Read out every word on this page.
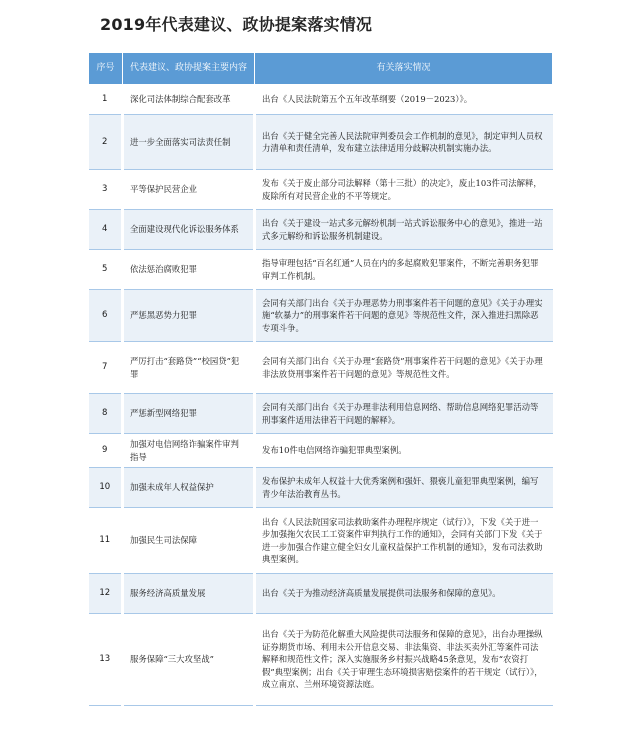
2019年代表建议、政协提案落实情况
序号	代表建议、政协提案主要内容	有关落实情况
1	深化司法体制综合配套改革	出台《人民法院第五个五年改革纲要（2019－2023）》。
2	进一步全面落实司法责任制	出台《关于健全完善人民法院审判委员会工作机制的意见》，制定审判人员权力清单和责任清单，发布建立法律适用分歧解决机制实施办法。
3	平等保护民营企业	发布《关于废止部分司法解释（第十三批）的决定》，废止103件司法解释，废除所有对民营企业的不平等规定。
4	全面建设现代化诉讼服务体系	出台《关于建设一站式多元解纷机制一站式诉讼服务中心的意见》，推进一站式多元解纷和诉讼服务机制建设。
5	依法惩治腐败犯罪	指导审理包括“百名红通”人员在内的多起腐败犯罪案件，不断完善职务犯罪审判工作机制。
6	严惩黑恶势力犯罪	会同有关部门出台《关于办理恶势力刑事案件若干问题的意见》《关于办理实施“软暴力”的刑事案件若干问题的意见》等规范性文件，深入推进扫黑除恶专项斗争。
7	严厉打击“套路贷”“校园贷”犯罪	会同有关部门出台《关于办理“套路贷”刑事案件若干问题的意见》《关于办理非法放贷刑事案件若干问题的意见》等规范性文件。
8	严惩新型网络犯罪	会同有关部门出台《关于办理非法利用信息网络、帮助信息网络犯罪活动等刑事案件适用法律若干问题的解释》。
9	加强对电信网络诈骗案件审判指导	发布10件电信网络诈骗犯罪典型案例。
10	加强未成年人权益保护	发布保护未成年人权益十大优秀案例和强奸、猥亵儿童犯罪典型案例，编写青少年法治教育丛书。
11	加强民生司法保障	出台《人民法院国家司法救助案件办理程序规定（试行）》，下发《关于进一步加强拖欠农民工工资案件审判执行工作的通知》，会同有关部门下发《关于进一步加强合作建立健全妇女儿童权益保护工作机制的通知》，发布司法救助典型案例。
12	服务经济高质量发展	出台《关于为推动经济高质量发展提供司法服务和保障的意见》。
13	服务保障“三大攻坚战”	出台《关于为防范化解重大风险提供司法服务和保障的意见》，出台办理操纵证券期货市场、利用未公开信息交易、非法集资、非法买卖外汇等案件司法解释和规范性文件；深入实施服务乡村振兴战略45条意见，发布“农资打假”典型案例；出台《关于审理生态环境损害赔偿案件的若干规定（试行）》，成立南京、兰州环境资源法庭。
